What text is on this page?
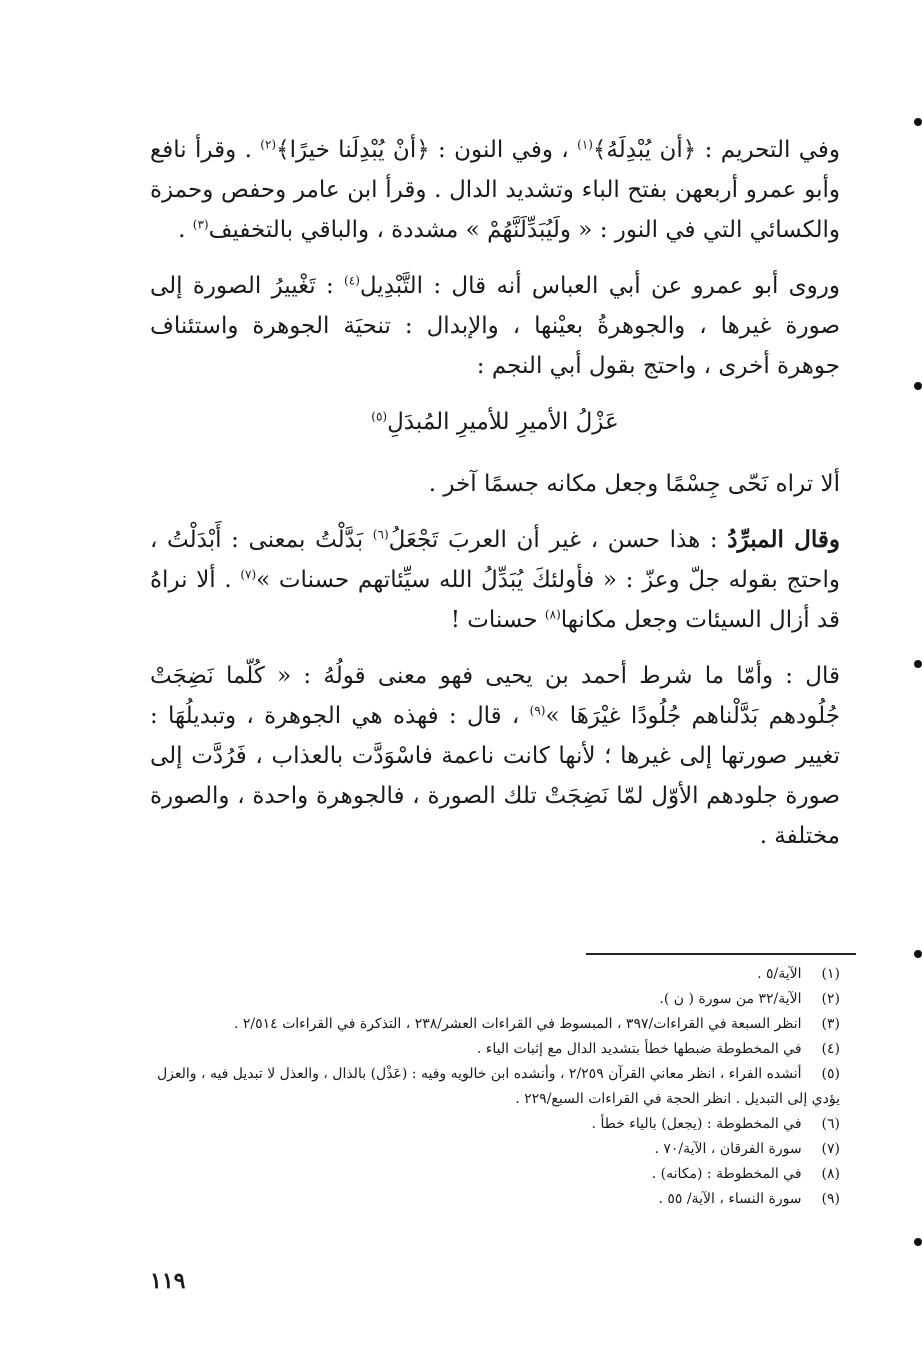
وفي التحريم : ﴿أن يُبْدِلَهُ﴾$^{(١)}$ ، وفي النون : ﴿أنْ يُبْدِلَنا خيرًا﴾$^{(٢)}$ . وقرأ نافع وأبو عمرو أربعهن بفتح الباء وتشديد الدال . وقرأ ابن عامر وحفص وحمزة والكسائي التي في النور : « ولَيُبَدِّلَنَّهُمْ » مشددة ، والباقي بالتخفيف$^{(٣)}$ .

وروى أبو عمرو عن أبي العباس أنه قال : التَّبْدِيل$^{(٤)}$ : تَغْييرُ الصورة إلى صورة غيرها ، والجوهرةُ بعيْنها ، والإبدال : تنحيَة الجوهرة واستئناف جوهرة أخرى ، واحتج بقول أبي النجم :

عَزْلُ الأميرِ للأميرِ المُبدَلِ$^{(٥)}$

ألا تراه نَحّى جِسْمًا وجعل مكانه جسمًا آخر .

وقال المبرِّدُ : هذا حسن ، غير أن العربَ تَجْعَلُ$^{(٦)}$ بَدَّلْتُ بمعنى : أَبْدَلْتُ ، واحتج بقوله جلّ وعزّ : « فأولئكَ يُبَدِّلُ الله سيِّئاتهم حسنات »$^{(٧)}$ . ألا نراهُ قد أزال السيئات وجعل مكانها$^{(٨)}$ حسنات !

قال : وأمّا ما شرط أحمد بن يحيى فهو معنى قولُهُ : « كُلّما نَضِجَتْ جُلُودهم بَدَّلْناهم جُلُودًا غيْرَهَا »$^{(٩)}$ ، قال : فهذه هي الجوهرة ، وتبديلُهَا : تغيير صورتها إلى غيرها ؛ لأنها كانت ناعمة فاسْوَدَّت بالعذاب ، فَرُدَّت إلى صورة جلودهم الأوّل لمّا نَضِجَتْ تلك الصورة ، فالجوهرة واحدة ، والصورة مختلفة .

(١) الآية/٥ .
(٢) الآية/٣٢ من سورة ( ن ).
(٣) انظر السبعة في القراءات/٣٩٧ ، المبسوط في القراءات العشر/٢٣٨ ، التذكرة في القراءات ٢/٥١٤ .
(٤) في المخطوطة ضبطها خطأ بتشديد الدال مع إثبات الياء .
(٥) أنشده الفراء ، انظر معاني القرآن ٢/٢٥٩ ، وأنشده ابن خالويه وفيه : (عَذْل) بالذال ، والعذل لا تبديل فيه ، والعزل يؤدي إلى التبديل . انظر الحجة في القراءات السبع/٢٢٩ .
(٦) في المخطوطة : (يجعل) بالياء خطأ .
(٧) سورة الفرقان ، الآية/٧٠ .
(٨) في المخطوطة : (مكانه) .
(٩) سورة النساء ، الآية/ ٥٥ .
١١٩
